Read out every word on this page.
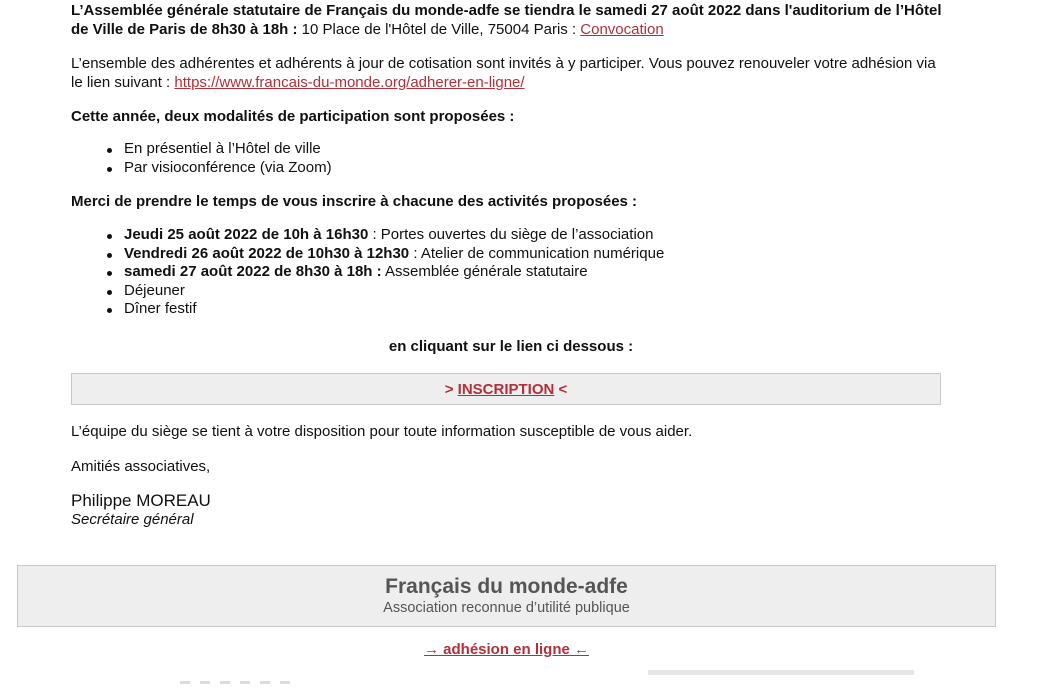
L’Assemblée générale statutaire de Français du monde-adfe se tiendra le samedi 27 août 2022 dans l'auditorium de l’Hôtel de Ville de Paris de 8h30 à 18h : 10 Place de l'Hôtel de Ville, 75004 Paris : Convocation

L’ensemble des adhérentes et adhérents à jour de cotisation sont invités à y participer. Vous pouvez renouveler votre adhésion via le lien suivant : https://www.francais-du-monde.org/adherer-en-ligne/

Cette année, deux modalités de participation sont proposées :

En présentiel à l’Hôtel de ville
Par visioconférence (via Zoom)

Merci de prendre le temps de vous inscrire à chacune des activités proposées :

Jeudi 25 août 2022 de 10h à 16h30 : Portes ouvertes du siège de l’association
Vendredi 26 août 2022 de 10h30 à 12h30 : Atelier de communication numérique
samedi 27 août 2022 de 8h30 à 18h : Assemblée générale statutaire
Déjeuner
Dîner festif

en cliquant sur le lien ci dessous :

> INSCRIPTION <

L’équipe du siège se tient à votre disposition pour toute information susceptible de vous aider.

Amitiés associatives,

Philippe MOREAU

Secrétaire général

Français du monde-adfe
Association reconnue d’utilité publique
→ adhésion en ligne ←
